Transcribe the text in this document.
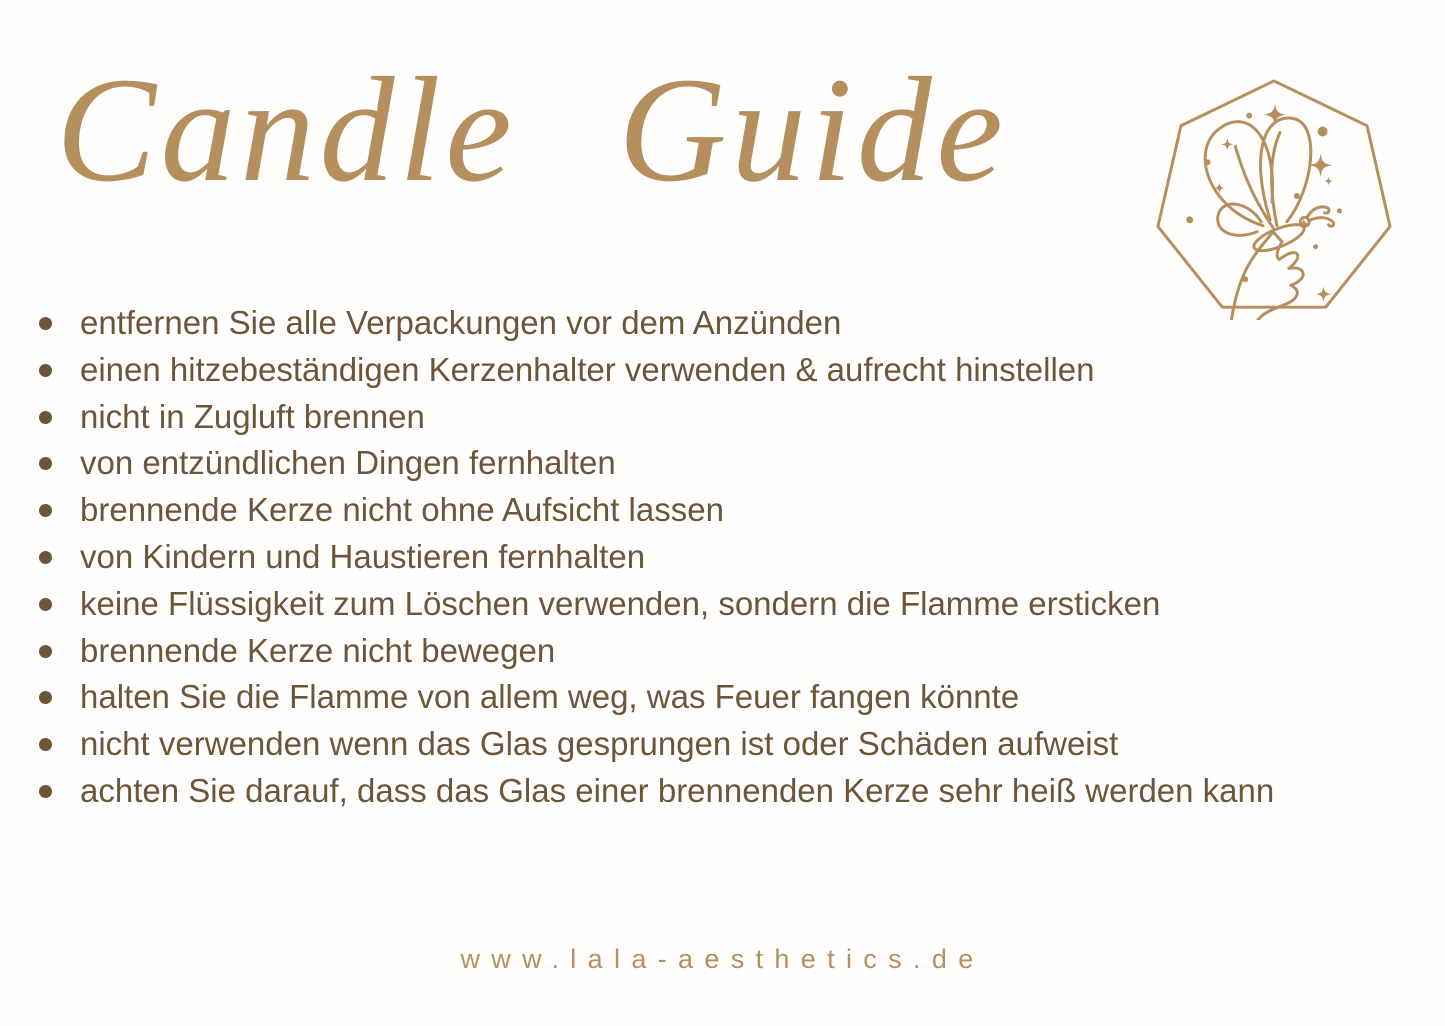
Candle Guide
entfernen Sie alle Verpackungen vor dem Anzünden
einen hitzebeständigen Kerzenhalter verwenden & aufrecht hinstellen
nicht in Zugluft brennen
von entzündlichen Dingen fernhalten
brennende Kerze nicht ohne Aufsicht lassen
von Kindern und Haustieren fernhalten
keine Flüssigkeit zum Löschen verwenden, sondern die Flamme ersticken
brennende Kerze nicht bewegen
halten Sie die Flamme von allem weg, was Feuer fangen könnte
nicht verwenden wenn das Glas gesprungen ist oder Schäden aufweist
achten Sie darauf, dass das Glas einer brennenden Kerze sehr heiß werden kann
www.lala-aesthetics.de
